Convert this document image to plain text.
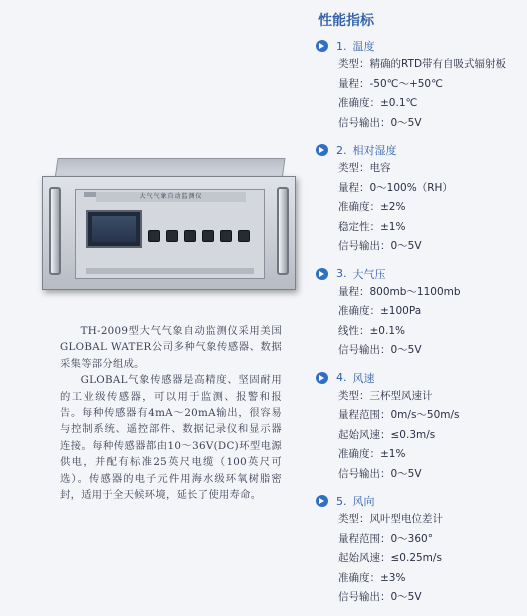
大气气象自动监测仪

TH-2009型大气气象自动监测仪采用美国GLOBAL WATER公司多种气象传感器、数据采集等部分组成。

GLOBAL气象传感器是高精度、坚固耐用的工业级传感器，可以用于监测、报警和报告。每种传感器有4mA～20mA输出，很容易与控制系统、遥控部件、数据记录仪和显示器连接。每种传感器都由10～36V(DC)环型电源供电，并配有标准25英尺电缆（100英尺可选）。传感器的电子元件用海水级环氧树脂密封，适用于全天候环境，延长了使用寿命。

性能指标
1. 温度
类型：精确的RTD带有自吸式辐射板
量程：-50℃～+50℃
准确度：±0.1℃
信号输出：0～5V
2. 相对湿度
类型：电容
量程：0～100%（RH）
准确度：±2%
稳定性：±1%
信号输出：0～5V
3. 大气压
量程：800mb～1100mb
准确度：±100Pa
线性：±0.1%
信号输出：0～5V
4. 风速
类型：三杯型风速计
量程范围：0m/s～50m/s
起始风速：≤0.3m/s
准确度：±1%
信号输出：0～5V
5. 风向
类型：风叶型电位差计
量程范围：0～360°
起始风速：≤0.25m/s
准确度：±3%
信号输出：0～5V
